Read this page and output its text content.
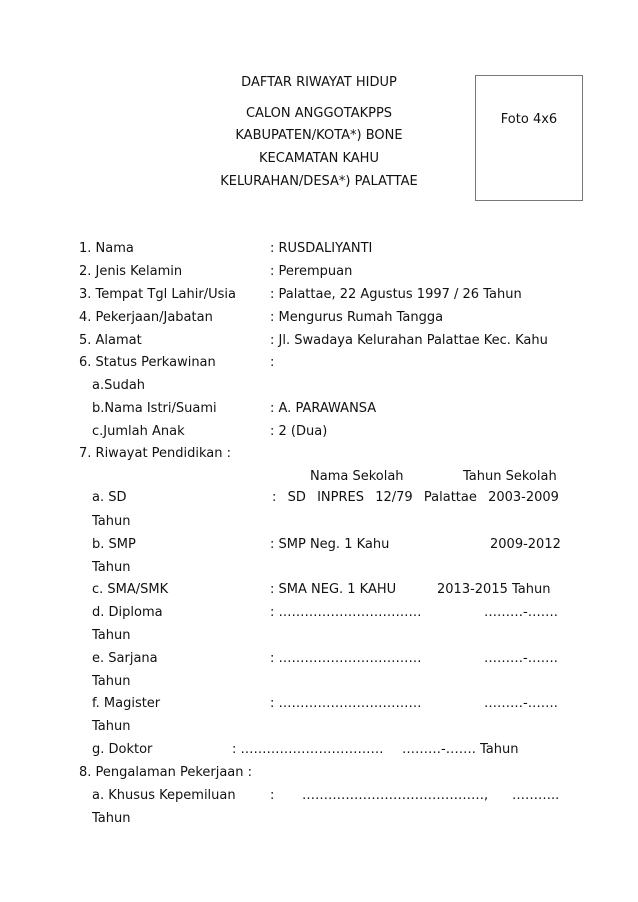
DAFTAR RIWAYAT HIDUP
CALON ANGGOTAKPPS
KABUPATEN/KOTA*) BONE
KECAMATAN KAHU
KELURAHAN/DESA*) PALATTAE
Foto 4x6
1. Nama	: RUSDALIYANTI
2. Jenis Kelamin	: Perempuan
3. Tempat Tgl Lahir/Usia	: Palattae, 22 Agustus 1997 / 26 Tahun
4. Pekerjaan/Jabatan	: Mengurus Rumah Tangga
5. Alamat	: Jl. Swadaya Kelurahan Palattae Kec. Kahu
6. Status Perkawinan	:
a.Sudah
b.Nama Istri/Suami	: A. PARAWANSA
c.Jumlah Anak	: 2 (Dua)
7. Riwayat Pendidikan :
Nama Sekolah	Tahun Sekolah
a. SD	: SD INPRES 12/79 Palattae 2003-2009
Tahun
b. SMP	: SMP Neg. 1 Kahu	2009-2012
Tahun
c. SMA/SMK	: SMA NEG. 1 KAHU	2013-2015 Tahun
d. Diploma	: ……………………………	………-…….
Tahun
e. Sarjana	: ……………………………	………-…….
Tahun
f. Magister	: ……………………………	………-…….
Tahun
g. Doktor	: …………………………… ………-……. Tahun
8. Pengalaman Pekerjaan :
a. Khusus Kepemiluan	: ……………………………………, ………..
Tahun
